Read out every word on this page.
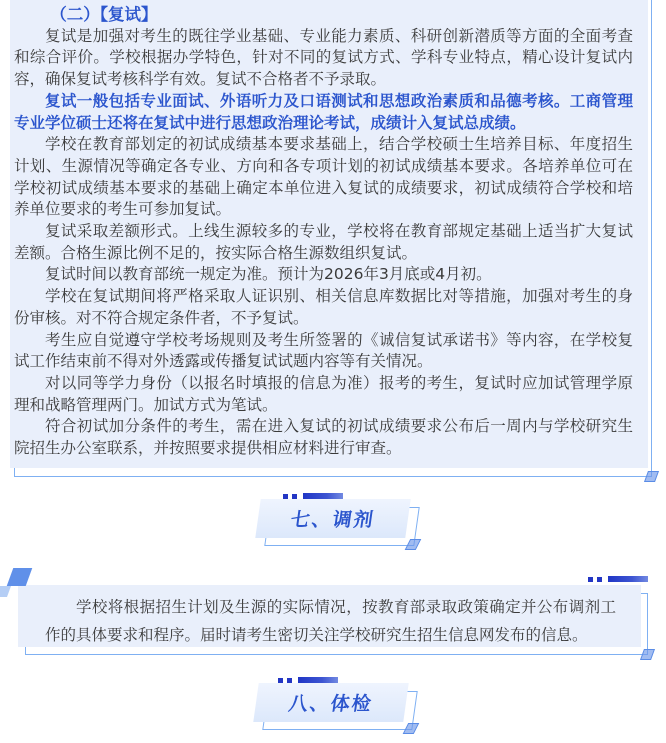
（二）【复试】

复试是加强对考生的既往学业基础、专业能力素质、科研创新潜质等方面的全面考查和综合评价。学校根据办学特色，针对不同的复试方式、学科专业特点，精心设计复试内容，确保复试考核科学有效。复试不合格者不予录取。

复试一般包括专业面试、外语听力及口语测试和思想政治素质和品德考核。工商管理专业学位硕士还将在复试中进行思想政治理论考试，成绩计入复试总成绩。

学校在教育部划定的初试成绩基本要求基础上，结合学校硕士生培养目标、年度招生计划、生源情况等确定各专业、方向和各专项计划的初试成绩基本要求。各培养单位可在学校初试成绩基本要求的基础上确定本单位进入复试的成绩要求，初试成绩符合学校和培养单位要求的考生可参加复试。

复试采取差额形式。上线生源较多的专业，学校将在教育部规定基础上适当扩大复试差额。合格生源比例不足的，按实际合格生源数组织复试。

复试时间以教育部统一规定为准。预计为2026年3月底或4月初。

学校在复试期间将严格采取人证识别、相关信息库数据比对等措施，加强对考生的身份审核。对不符合规定条件者，不予复试。

考生应自觉遵守学校考场规则及考生所签署的《诚信复试承诺书》等内容，在学校复试工作结束前不得对外透露或传播复试试题内容等有关情况。

对以同等学力身份（以报名时填报的信息为准）报考的考生，复试时应加试管理学原理和战略管理两门。加试方式为笔试。

符合初试加分条件的考生，需在进入复试的初试成绩要求公布后一周内与学校研究生院招生办公室联系，并按照要求提供相应材料进行审查。

七、调剂

学校将根据招生计划及生源的实际情况，按教育部录取政策确定并公布调剂工作的具体要求和程序。届时请考生密切关注学校研究生招生信息网发布的信息。

八、体检
